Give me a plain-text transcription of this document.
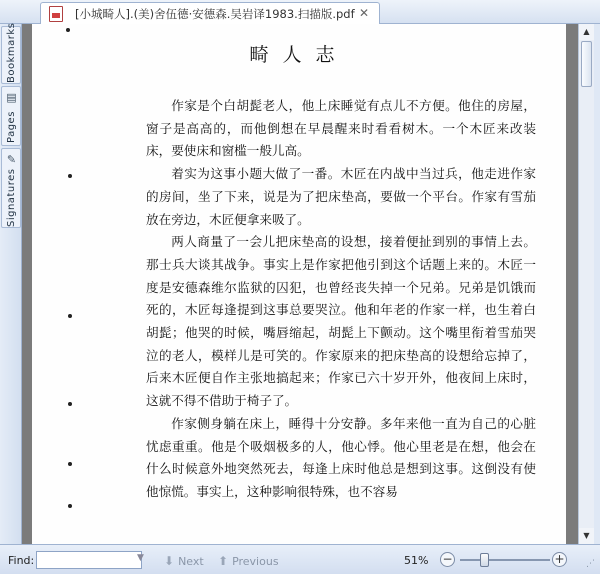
[小城畸人].(美)舍伍德·安德森.吴岩译1983.扫描版.pdf ✕
Bookmarks
▤
Pages
✎
Signatures
畸人志

作家是个白胡髭老人，他上床睡觉有点儿不方便。他住的房屋，窗子是高高的，而他倒想在早晨醒来时看看树木。一个木匠来改装床，要使床和窗槛一般儿高。

着实为这事小题大做了一番。木匠在内战中当过兵，他走进作家的房间，坐了下来，说是为了把床垫高，要做一个平台。作家有雪茄放在旁边，木匠便拿来吸了。

两人商量了一会儿把床垫高的设想，接着便扯到别的事情上去。那士兵大谈其战争。事实上是作家把他引到这个话题上来的。木匠一度是安德森维尔监狱的囚犯，也曾经丧失掉一个兄弟。兄弟是饥饿而死的，木匠每逢提到这事总要哭泣。他和年老的作家一样，也生着白胡髭；他哭的时候，嘴唇缩起，胡髭上下颤动。这个嘴里衔着雪茄哭泣的老人，模样儿是可笑的。作家原来的把床垫高的设想给忘掉了，后来木匠便自作主张地搞起来；作家已六十岁开外，他夜间上床时，这就不得不借助于椅子了。

作家侧身躺在床上，睡得十分安静。多年来他一直为自己的心脏忧虑重重。他是个吸烟极多的人，他心悸。他心里老是在想，他会在什么时候意外地突然死去，每逢上床时他总是想到这事。这倒没有使他惊慌。事实上，这种影响很特殊，也不容易

▲
▼
Find:	▼ ⬇ Next ⬆ Previous	51% −	+ ⋰
